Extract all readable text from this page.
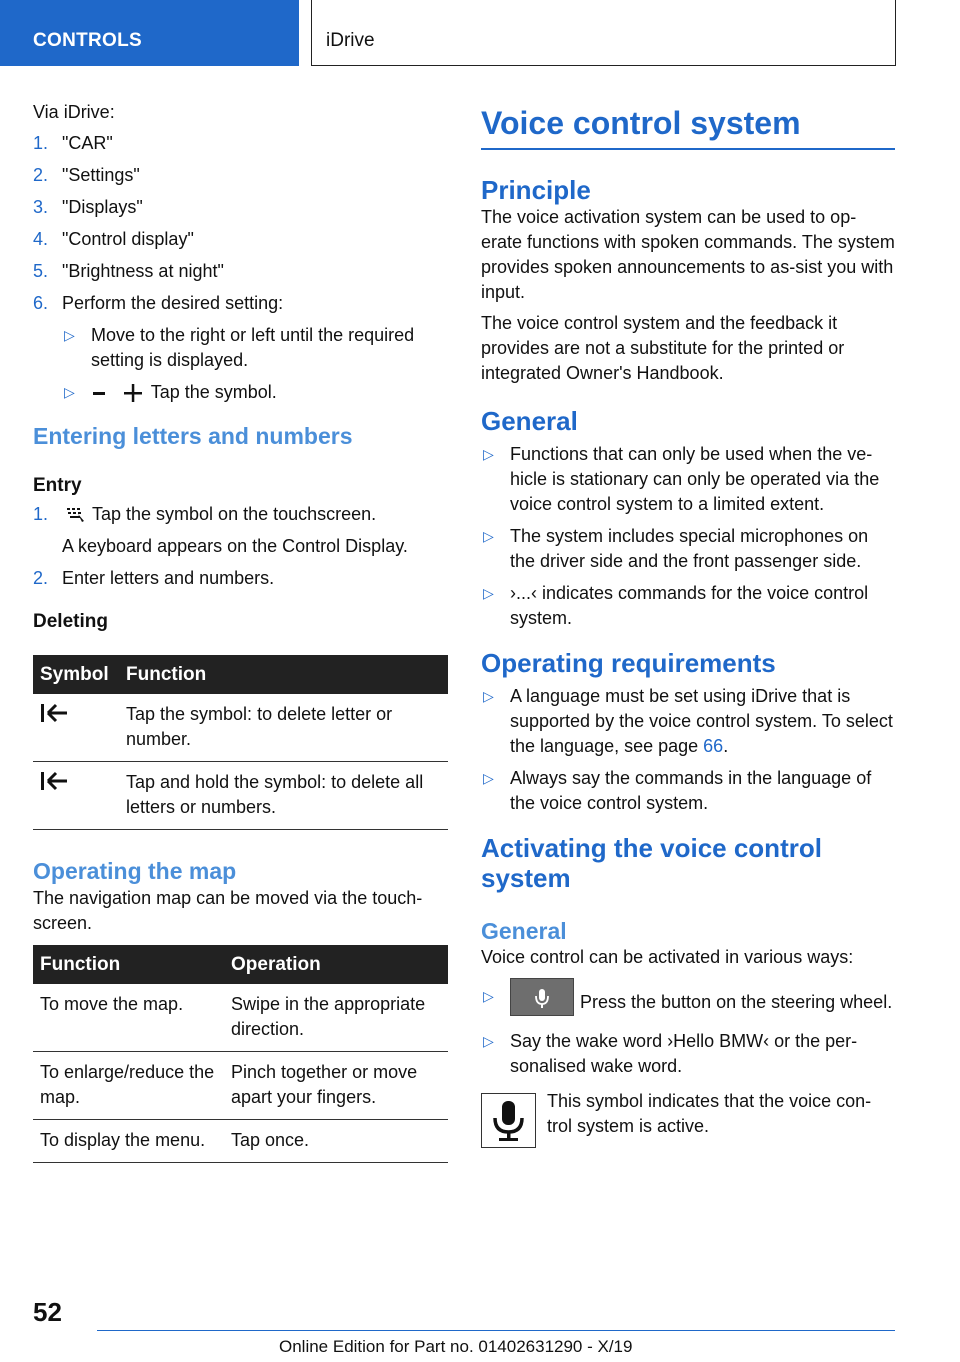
CONTROLS	iDrive
Via iDrive:
1. "CAR"
2. "Settings"
3. "Displays"
4. "Control display"
5. "Brightness at night"
6. Perform the desired setting:
▷ Move to the right or left until the required setting is displayed.
▷	Tap the symbol.
Entering letters and numbers
Entry
1. Tap the symbol on the touchscreen.
A keyboard appears on the Control Display.
2. Enter letters and numbers.
Deleting
Symbol	Function
	Tap the symbol: to delete letter or number.
	Tap and hold the symbol: to delete all letters or numbers.
Operating the map
The navigation map can be moved via the touch-screen.
Function	Operation
To move the map.	Swipe in the appropriate direction.
To enlarge/reduce the map.	Pinch together or move apart your fingers.
To display the menu.	Tap once.
Voice control system
Principle
The voice activation system can be used to op-erate functions with spoken commands. The system provides spoken announcements to as-sist you with input.
The voice control system and the feedback it provides are not a substitute for the printed or integrated Owner's Handbook.
General
▷ Functions that can only be used when the ve-hicle is stationary can only be operated via the voice control system to a limited extent.
▷ The system includes special microphones on the driver side and the front passenger side.
▷ ›...‹ indicates commands for the voice control system.
Operating requirements
▷ A language must be set using iDrive that is supported by the voice control system. To select the language, see page 66.
▷ Always say the commands in the language of the voice control system.
Activating the voice control system
General
Voice control can be activated in various ways:
▷	Press the button on the steering wheel.
▷ Say the wake word ›Hello BMW‹ or the per-sonalised wake word.
This symbol indicates that the voice con-trol system is active.
52
Online Edition for Part no. 01402631290 - X/19
